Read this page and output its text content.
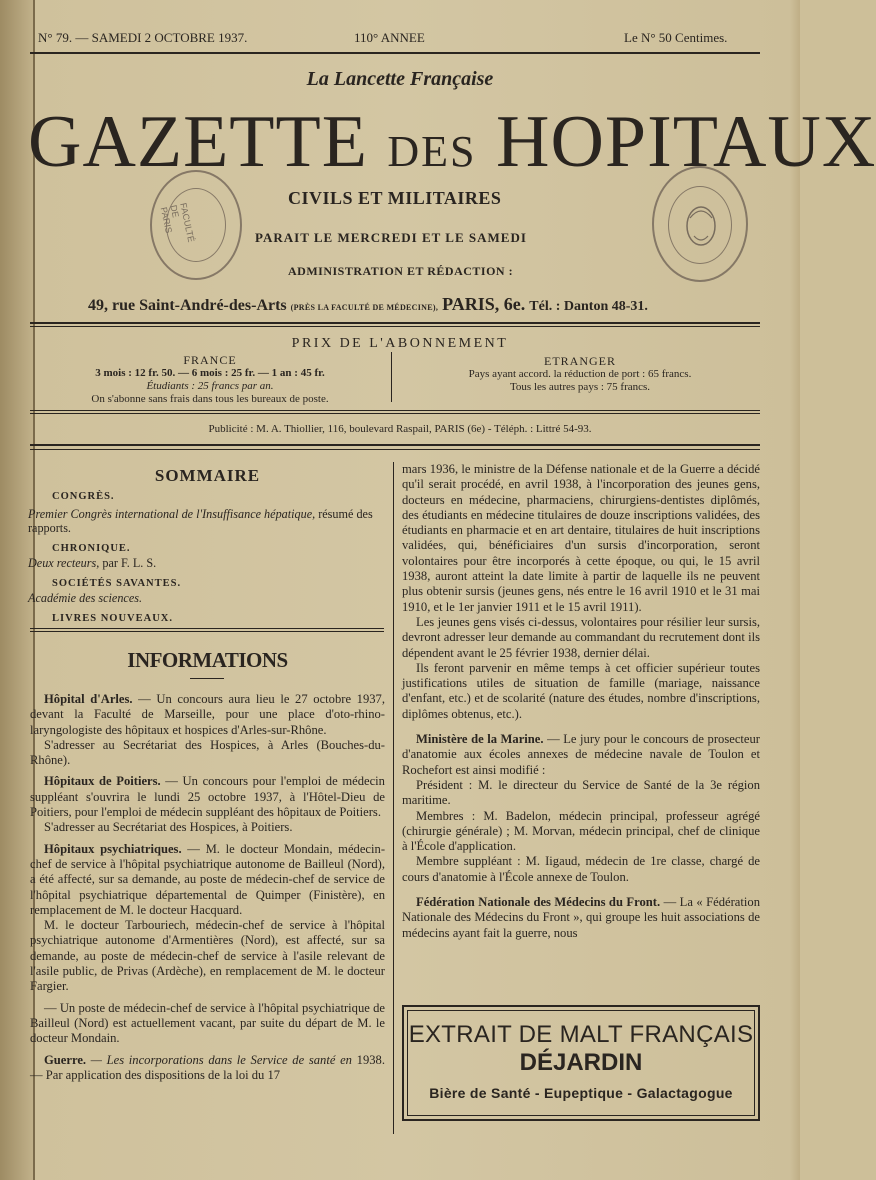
N° 79. — SAMEDI 2 OCTOBRE 1937.	110° ANNEE	Le N° 50 Centimes.
La Lancette Française
GAZETTE DES HOPITAUX
FACULTÉ DE PARIS
CIVILS ET MILITAIRES
PARAIT LE MERCREDI ET LE SAMEDI
ADMINISTRATION ET RÉDACTION :
49, rue Saint-André-des-Arts (PRÈS LA FACULTÉ DE MÉDECINE), PARIS, 6e. Tél. : Danton 48-31.
PRIX DE L'ABONNEMENT
FRANCE
3 mois : 12 fr. 50. — 6 mois : 25 fr. — 1 an : 45 fr.
Étudiants : 25 francs par an.
On s'abonne sans frais dans tous les bureaux de poste.
ETRANGER
Pays ayant accord. la réduction de port : 65 francs.
Tous les autres pays : 75 francs.
Publicité : M. A. Thiollier, 116, boulevard Raspail, PARIS (6e) - Téléph. : Littré 54-93.
SOMMAIRE
CONGRÈS.
Premier Congrès international de l'Insuffisance hépatique, résumé des rapports.
CHRONIQUE.
Deux recteurs, par F. L. S.
SOCIÉTÉS SAVANTES.
Académie des sciences.
LIVRES NOUVEAUX.
INFORMATIONS

Hôpital d'Arles. — Un concours aura lieu le 27 octobre 1937, devant la Faculté de Marseille, pour une place d'oto-rhino-laryngologiste des hôpitaux et hospices d'Arles-sur-Rhône.

S'adresser au Secrétariat des Hospices, à Arles (Bouches-du-Rhône).

Hôpitaux de Poitiers. — Un concours pour l'emploi de médecin suppléant s'ouvrira le lundi 25 octobre 1937, à l'Hôtel-Dieu de Poitiers, pour l'emploi de médecin suppléant des hôpitaux de Poitiers.

S'adresser au Secrétariat des Hospices, à Poitiers.

Hôpitaux psychiatriques. — M. le docteur Mondain, médecin-chef de service à l'hôpital psychiatrique autonome de Bailleul (Nord), a été affecté, sur sa demande, au poste de médecin-chef de service de l'hôpital psychiatrique départemental de Quimper (Finistère), en remplacement de M. le docteur Hacquard.

M. le docteur Tarbouriech, médecin-chef de service à l'hôpital psychiatrique autonome d'Armentières (Nord), est affecté, sur sa demande, au poste de médecin-chef de service à l'asile relevant de l'asile public, de Privas (Ardèche), en remplacement de M. le docteur Fargier.

— Un poste de médecin-chef de service à l'hôpital psychiatrique de Bailleul (Nord) est actuellement vacant, par suite du départ de M. le docteur Mondain.

Guerre. — Les incorporations dans le Service de santé en 1938. — Par application des dispositions de la loi du 17

mars 1936, le ministre de la Défense nationale et de la Guerre a décidé qu'il serait procédé, en avril 1938, à l'incorporation des jeunes gens, docteurs en médecine, pharmaciens, chirurgiens-dentistes diplômés, des étudiants en médecine titulaires de douze inscriptions validées, des étudiants en pharmacie et en art dentaire, titulaires de huit inscriptions validées, qui, bénéficiaires d'un sursis d'incorporation, seront volontaires pour être incorporés à cette époque, ou qui, le 15 avril 1938, auront atteint la date limite à partir de laquelle ils ne peuvent plus obtenir sursis (jeunes gens, nés entre le 16 avril 1910 et le 31 mai 1910, et le 1er janvier 1911 et le 15 avril 1911).

Les jeunes gens visés ci-dessus, volontaires pour résilier leur sursis, devront adresser leur demande au commandant du recrutement dont ils dépendent avant le 25 février 1938, dernier délai.

Ils feront parvenir en même temps à cet officier supérieur toutes justifications utiles de situation de famille (mariage, naissance d'enfant, etc.) et de scolarité (nature des études, nombre d'inscriptions, diplômes obtenus, etc.).

Ministère de la Marine. — Le jury pour le concours de prosecteur d'anatomie aux écoles annexes de médecine navale de Toulon et Rochefort est ainsi modifié :

Président : M. le directeur du Service de Santé de la 3e région maritime.

Membres : M. Badelon, médecin principal, professeur agrégé (chirurgie générale) ; M. Morvan, médecin principal, chef de clinique à l'École d'application.

Membre suppléant : M. Iigaud, médecin de 1re classe, chargé de cours d'anatomie à l'École annexe de Toulon.

Fédération Nationale des Médecins du Front. — La « Fédération Nationale des Médecins du Front », qui groupe les huit associations de médecins ayant fait la guerre, nous

EXTRAIT DE MALT FRANÇAIS
DÉJARDIN
Bière de Santé - Eupeptique - Galactagogue
